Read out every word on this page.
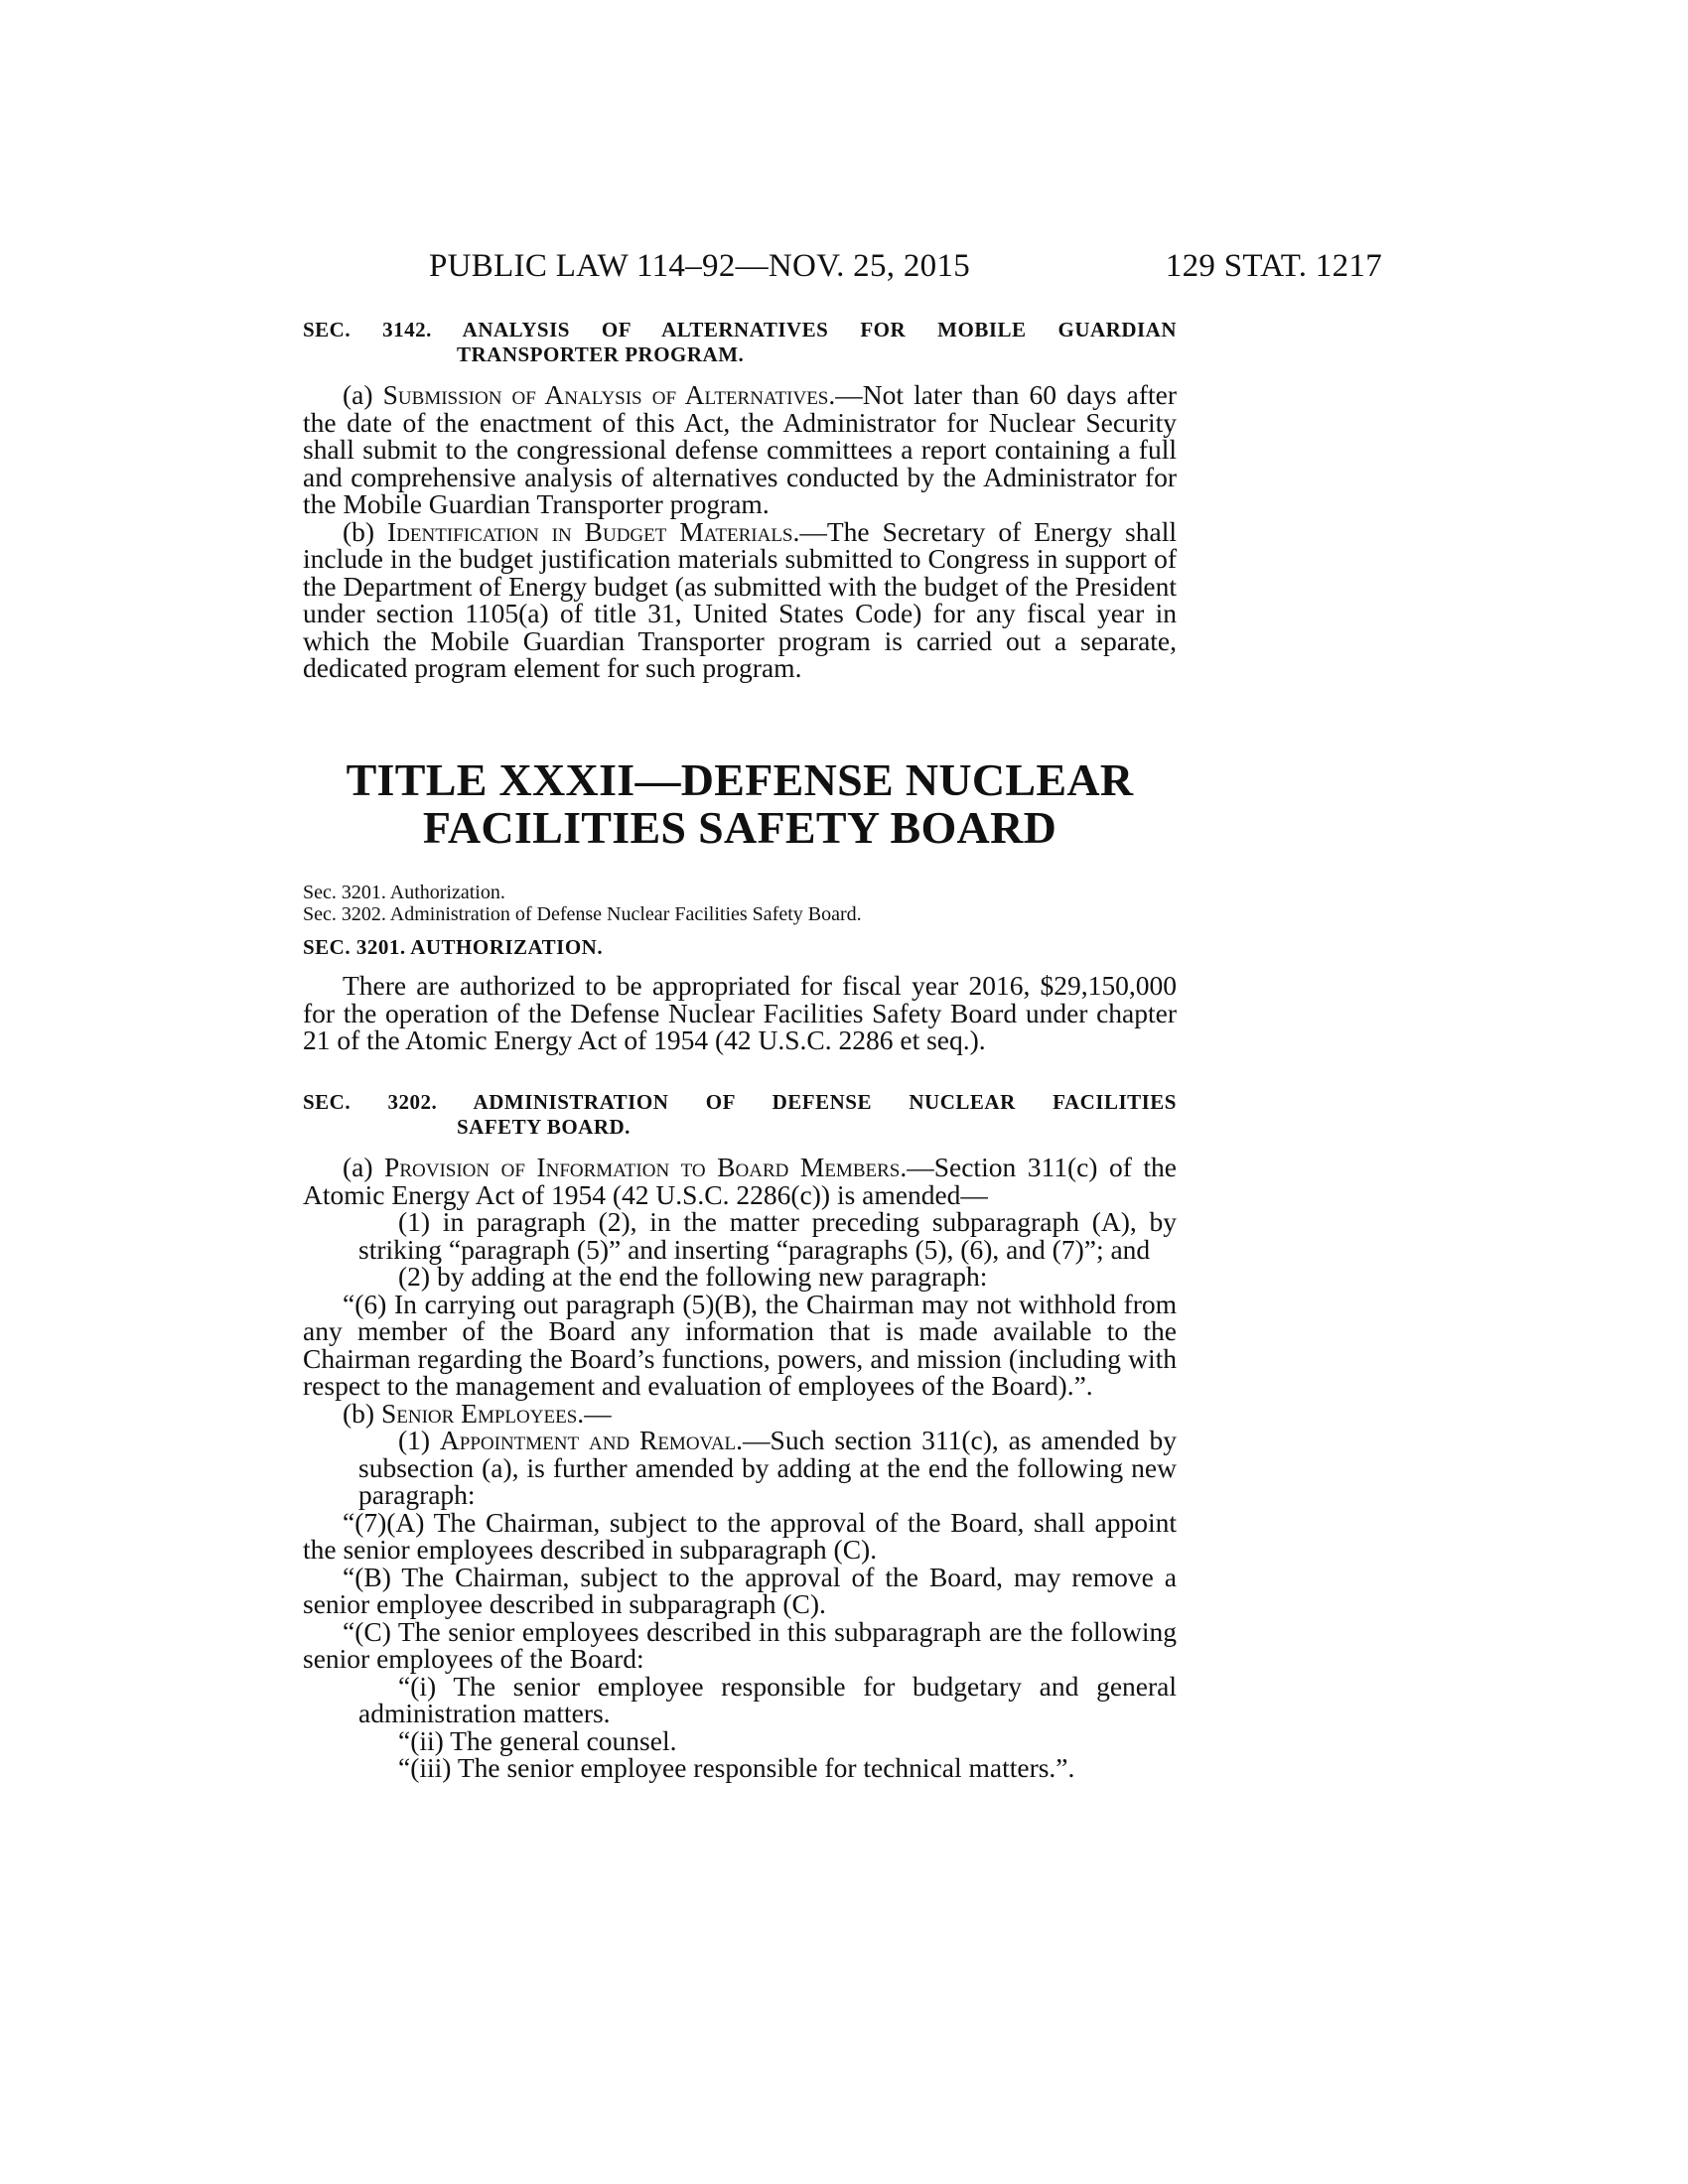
PUBLIC LAW 114–92—NOV. 25, 2015	129 STAT. 1217
SEC. 3142. ANALYSIS OF ALTERNATIVES FOR MOBILE GUARDIAN
TRANSPORTER PROGRAM.

(a) Submission of Analysis of Alternatives.—Not later than 60 days after the date of the enactment of this Act, the Administrator for Nuclear Security shall submit to the congressional defense committees a report containing a full and comprehensive analysis of alternatives conducted by the Administrator for the Mobile Guardian Transporter program.

(b) Identification in Budget Materials.—The Secretary of Energy shall include in the budget justification materials submitted to Congress in support of the Department of Energy budget (as submitted with the budget of the President under section 1105(a) of title 31, United States Code) for any fiscal year in which the Mobile Guardian Transporter program is carried out a separate, dedicated program element for such program.

TITLE XXXII—DEFENSE NUCLEAR
FACILITIES SAFETY BOARD
Sec. 3201. Authorization.
Sec. 3202. Administration of Defense Nuclear Facilities Safety Board.
SEC. 3201. AUTHORIZATION.

There are authorized to be appropriated for fiscal year 2016, $29,150,000 for the operation of the Defense Nuclear Facilities Safety Board under chapter 21 of the Atomic Energy Act of 1954 (42 U.S.C. 2286 et seq.).

SEC. 3202. ADMINISTRATION OF DEFENSE NUCLEAR FACILITIES
SAFETY BOARD.

(a) Provision of Information to Board Members.—Section 311(c) of the Atomic Energy Act of 1954 (42 U.S.C. 2286(c)) is amended—

(1) in paragraph (2), in the matter preceding subparagraph (A), by striking “paragraph (5)” and inserting “paragraphs (5), (6), and (7)”; and

(2) by adding at the end the following new paragraph:

“(6) In carrying out paragraph (5)(B), the Chairman may not withhold from any member of the Board any information that is made available to the Chairman regarding the Board’s functions, powers, and mission (including with respect to the management and evaluation of employees of the Board).”.

(b) Senior Employees.—

(1) Appointment and Removal.—Such section 311(c), as amended by subsection (a), is further amended by adding at the end the following new paragraph:

“(7)(A) The Chairman, subject to the approval of the Board, shall appoint the senior employees described in subparagraph (C).

“(B) The Chairman, subject to the approval of the Board, may remove a senior employee described in subparagraph (C).

“(C) The senior employees described in this subparagraph are the following senior employees of the Board:

“(i) The senior employee responsible for budgetary and general administration matters.

“(ii) The general counsel.

“(iii) The senior employee responsible for technical matters.”.
